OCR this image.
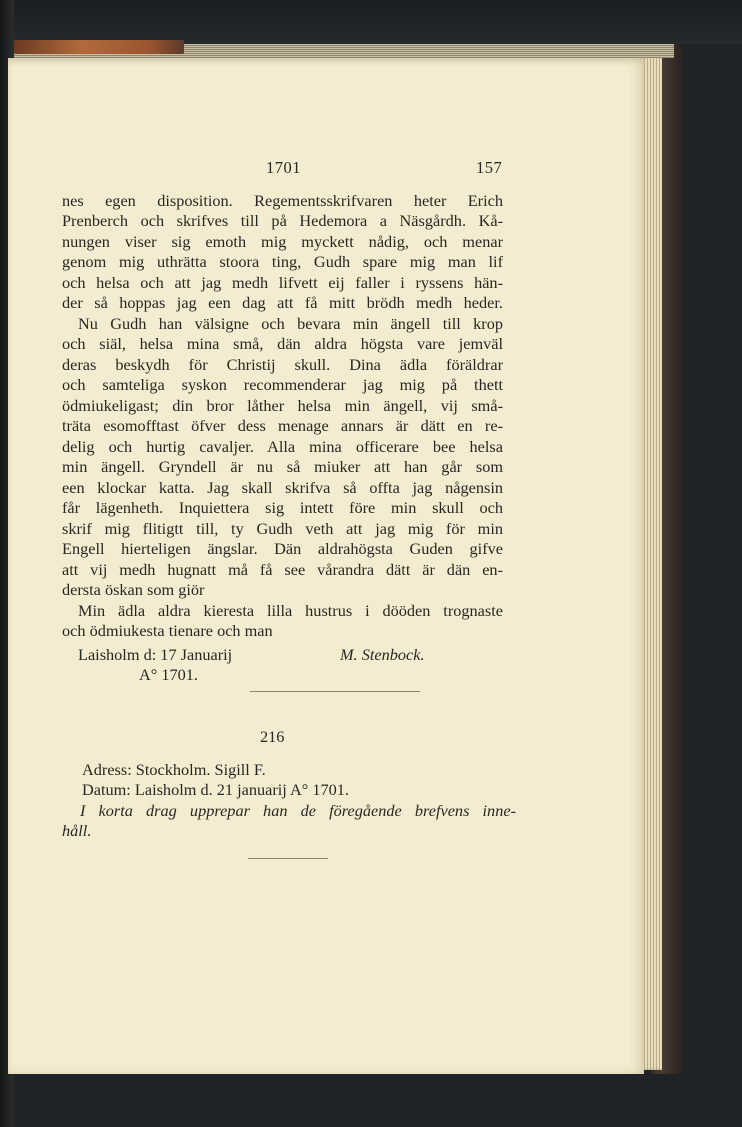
1701	157
nes egen disposition. Regementsskrifvaren heter Erich
Prenberch och skrifves till på Hedemora a Näsgårdh. Kå-
nungen viser sig emoth mig myckett nådig, och menar
genom mig uthrätta stoora ting, Gudh spare mig man lif
och helsa och att jag medh lifvett eij faller i ryssens hän-
der så hoppas jag een dag att få mitt brödh medh heder.
Nu Gudh han välsigne och bevara min ängell till krop
och siäl, helsa mina små, dän aldra högsta vare jemväl
deras beskydh för Christij skull. Dina ädla föräldrar
och samteliga syskon recommenderar jag mig på thett
ödmiukeligast; din bror låther helsa min ängell, vij små-
träta esomofftast öfver dess menage annars är dätt en re-
delig och hurtig cavaljer. Alla mina officerare bee helsa
min ängell. Gryndell är nu så miuker att han går som
een klockar katta. Jag skall skrifva så offta jag någensin
får lägenheth. Inquiettera sig intett före min skull och
skrif mig flitigtt till, ty Gudh veth att jag mig för min
Engell hierteligen ängslar. Dän aldrahögsta Guden gifve
att vij medh hugnatt må få see vårandra dätt är dän en-
dersta öskan som giör
Min ädla aldra kieresta lilla hustrus i dööden trognaste
och ödmiukesta tienare och man
Laisholm d: 17 Januarij	M. Stenbock.
A° 1701.
216
Adress: Stockholm. Sigill F.
Datum: Laisholm d. 21 januarij A° 1701.
I korta drag upprepar han de föregående brefvens inne-
håll.
